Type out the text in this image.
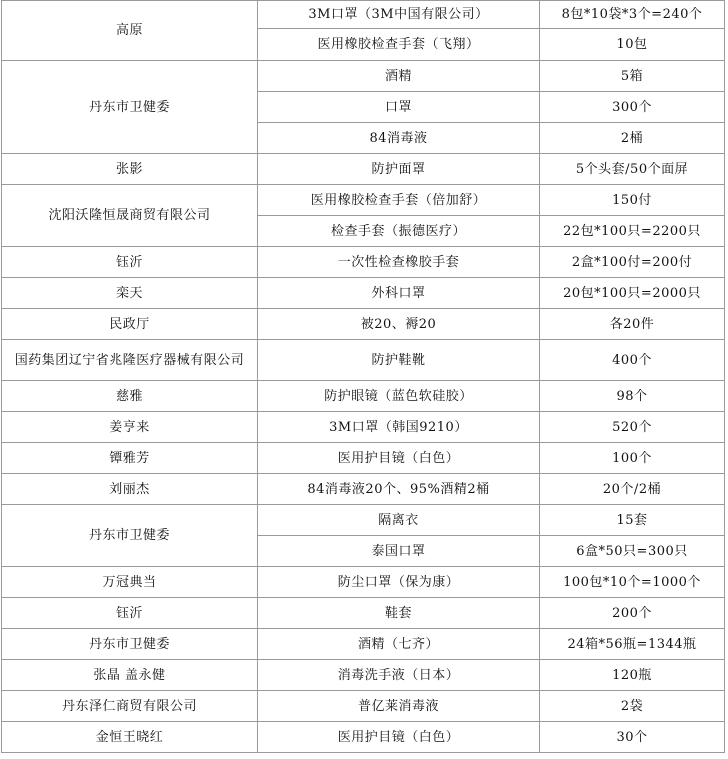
高原	3M口罩（3M中国有限公司）	8包*10袋*3个=240个
	医用橡胶检查手套（飞翔）	10包
丹东市卫健委	酒精	5箱
	口罩	300个
	84消毒液	2桶
张影	防护面罩	5个头套/50个面屏
沈阳沃隆恒晟商贸有限公司	医用橡胶检查手套（倍加舒）	150付
	检查手套（振德医疗）	22包*100只=2200只
钰沂	一次性检查橡胶手套	2盒*100付=200付
栾天	外科口罩	20包*100只=2000只
民政厅	被20、褥20	各20件
国药集团辽宁省兆隆医疗器械有限公司	防护鞋靴	400个
慈雅	防护眼镜（蓝色软硅胶）	98个
姜亨来	3M口罩（韩国9210）	520个
镡雅芳	医用护目镜（白色）	100个
刘丽杰	84消毒液20个、95%酒精2桶	20个/2桶
丹东市卫健委	隔离衣	15套
	泰国口罩	6盒*50只=300只
万冠典当	防尘口罩（保为康）	100包*10个=1000个
钰沂	鞋套	200个
丹东市卫健委	酒精（七齐）	24箱*56瓶=1344瓶
张晶 盖永健	消毒洗手液（日本）	120瓶
丹东泽仁商贸有限公司	普亿莱消毒液	2袋
金恒王晓红	医用护目镜（白色）	30个
